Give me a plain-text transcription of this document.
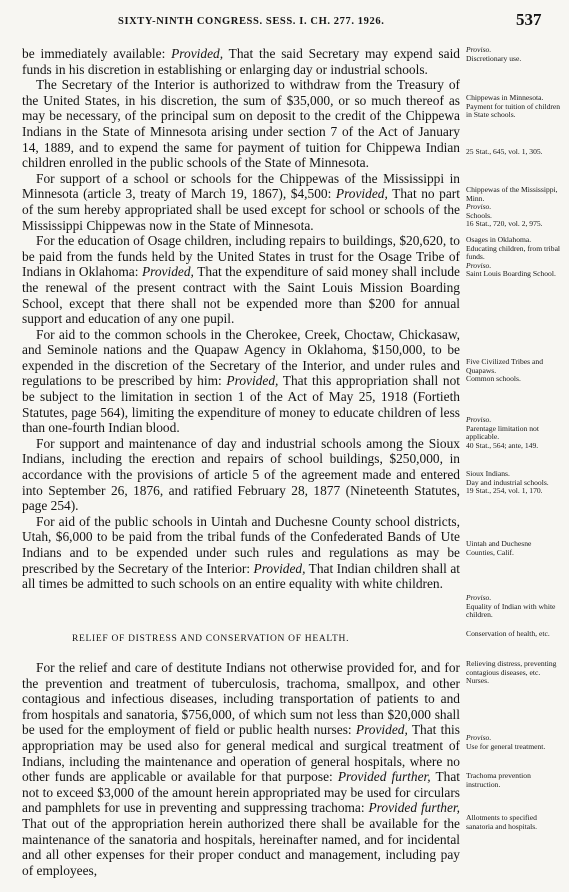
SIXTY-NINTH CONGRESS. SESS. I. CH. 277. 1926.	537

be immediately available: Provided, That the said Secretary may expend said funds in his discretion in establishing or enlarging day or industrial schools.

The Secretary of the Interior is authorized to withdraw from the Treasury of the United States, in his discretion, the sum of $35,000, or so much thereof as may be necessary, of the principal sum on deposit to the credit of the Chippewa Indians in the State of Minnesota arising under section 7 of the Act of January 14, 1889, and to expend the same for payment of tuition for Chippewa Indian children enrolled in the public schools of the State of Minnesota.

For support of a school or schools for the Chippewas of the Mississippi in Minnesota (article 3, treaty of March 19, 1867), $4,500: Provided, That no part of the sum hereby appropriated shall be used except for school or schools of the Mississippi Chippewas now in the State of Minnesota.

For the education of Osage children, including repairs to buildings, $20,620, to be paid from the funds held by the United States in trust for the Osage Tribe of Indians in Oklahoma: Provided, That the expenditure of said money shall include the renewal of the present contract with the Saint Louis Mission Boarding School, except that there shall not be expended more than $200 for annual support and education of any one pupil.

For aid to the common schools in the Cherokee, Creek, Choctaw, Chickasaw, and Seminole nations and the Quapaw Agency in Oklahoma, $150,000, to be expended in the discretion of the Secretary of the Interior, and under rules and regulations to be prescribed by him: Provided, That this appropriation shall not be subject to the limitation in section 1 of the Act of May 25, 1918 (Fortieth Statutes, page 564), limiting the expenditure of money to educate children of less than one-fourth Indian blood.

For support and maintenance of day and industrial schools among the Sioux Indians, including the erection and repairs of school buildings, $250,000, in accordance with the provisions of article 5 of the agreement made and entered into September 26, 1876, and ratified February 28, 1877 (Nineteenth Statutes, page 254).

For aid of the public schools in Uintah and Duchesne County school districts, Utah, $6,000 to be paid from the tribal funds of the Confederated Bands of Ute Indians and to be expended under such rules and regulations as may be prescribed by the Secretary of the Interior: Provided, That Indian children shall at all times be admitted to such schools on an entire equality with white children.

RELIEF OF DISTRESS AND CONSERVATION OF HEALTH.

For the relief and care of destitute Indians not otherwise provided for, and for the prevention and treatment of tuberculosis, trachoma, smallpox, and other contagious and infectious diseases, including transportation of patients to and from hospitals and sanatoria, $756,000, of which sum not less than $20,000 shall be used for the employment of field or public health nurses: Provided, That this appropriation may be used also for general medical and surgical treatment of Indians, including the maintenance and operation of general hospitals, where no other funds are applicable or available for that purpose: Provided further, That not to exceed $3,000 of the amount herein appropriated may be used for circulars and pamphlets for use in preventing and suppressing trachoma: Provided further, That out of the appropriation herein authorized there shall be available for the maintenance of the sanatoria and hospitals, hereinafter named, and for incidental and all other expenses for their proper conduct and management, including pay of employees,

Proviso.
Discretionary use.
Chippewas in Minnesota.
Payment for tuition of children in State schools.
25 Stat., 645, vol. 1, 305.
Chippewas of the Mississippi, Minn.
Proviso.
Schools.
16 Stat., 720, vol. 2, 975.
Osages in Oklahoma.
Educating children, from tribal funds.
Proviso.
Saint Louis Boarding School.
Five Civilized Tribes and Quapaws.
Common schools.
Proviso.
Parentage limitation not applicable.
40 Stat., 564; ante, 149.
Sioux Indians.
Day and industrial schools.
19 Stat., 254, vol. 1, 170.
Uintah and Duchesne Counties, Calif.
Proviso.
Equality of Indian with white children.
Conservation of health, etc.
Relieving distress, preventing contagious diseases, etc.
Nurses.
Proviso.
Use for general treatment.
Trachoma prevention instruction.
Allotments to specified sanatoria and hospitals.
